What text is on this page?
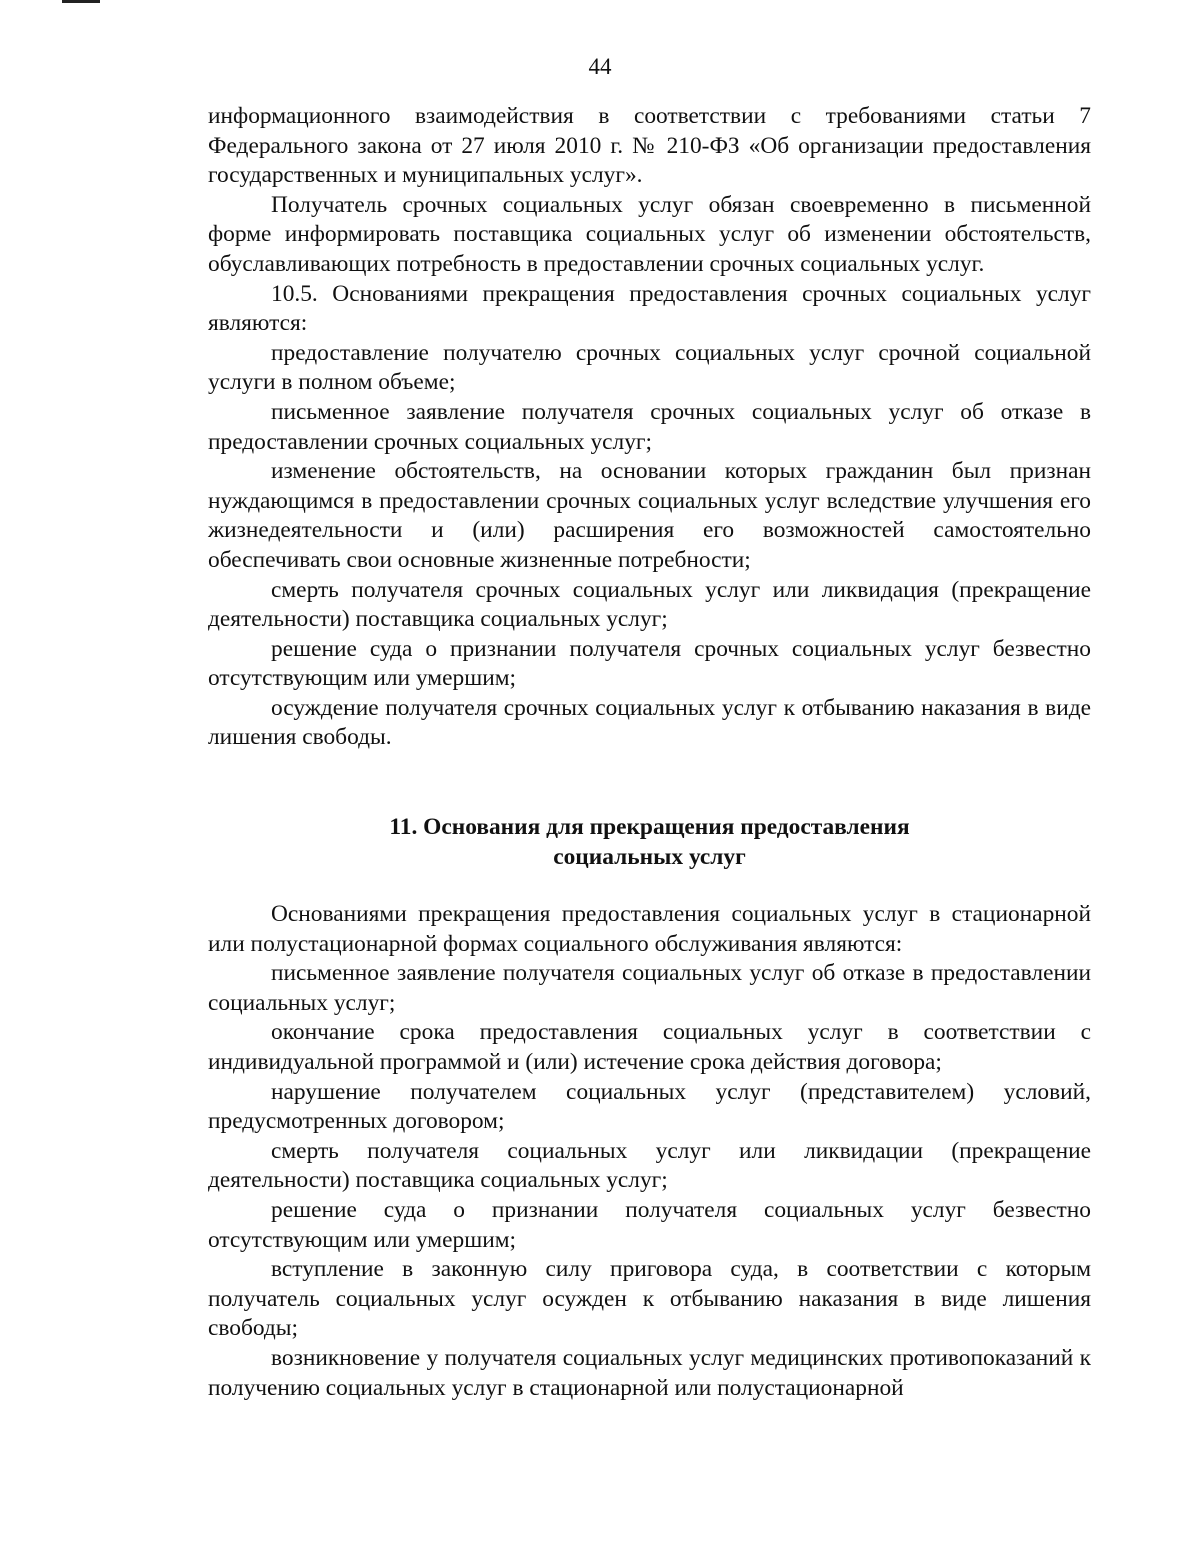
44

информационного взаимодействия в соответствии с требованиями статьи 7 Федерального закона от 27 июля 2010 г. № 210-ФЗ «Об организации предоставления государственных и муниципальных услуг».

Получатель срочных социальных услуг обязан своевременно в письменной форме информировать поставщика социальных услуг об изменении обстоятельств, обуславливающих потребность в предоставлении срочных социальных услуг.

10.5. Основаниями прекращения предоставления срочных социальных услуг являются:

предоставление получателю срочных социальных услуг срочной социальной услуги в полном объеме;

письменное заявление получателя срочных социальных услуг об отказе в предоставлении срочных социальных услуг;

изменение обстоятельств, на основании которых гражданин был признан нуждающимся в предоставлении срочных социальных услуг вследствие улучшения его жизнедеятельности и (или) расширения его возможностей самостоятельно обеспечивать свои основные жизненные потребности;

смерть получателя срочных социальных услуг или ликвидация (прекращение деятельности) поставщика социальных услуг;

решение суда о признании получателя срочных социальных услуг безвестно отсутствующим или умершим;

осуждение получателя срочных социальных услуг к отбыванию наказания в виде лишения свободы.

11. Основания для прекращения предоставления
социальных услуг

Основаниями прекращения предоставления социальных услуг в стационарной или полустационарной формах социального обслуживания являются:

письменное заявление получателя социальных услуг об отказе в предоставлении социальных услуг;

окончание срока предоставления социальных услуг в соответствии с индивидуальной программой и (или) истечение срока действия договора;

нарушение получателем социальных услуг (представителем) условий, предусмотренных договором;

смерть получателя социальных услуг или ликвидации (прекращение деятельности) поставщика социальных услуг;

решение суда о признании получателя социальных услуг безвестно отсутствующим или умершим;

вступление в законную силу приговора суда, в соответствии с которым получатель социальных услуг осужден к отбыванию наказания в виде лишения свободы;

возникновение у получателя социальных услуг медицинских противопоказаний к получению социальных услуг в стационарной или полустационарной
